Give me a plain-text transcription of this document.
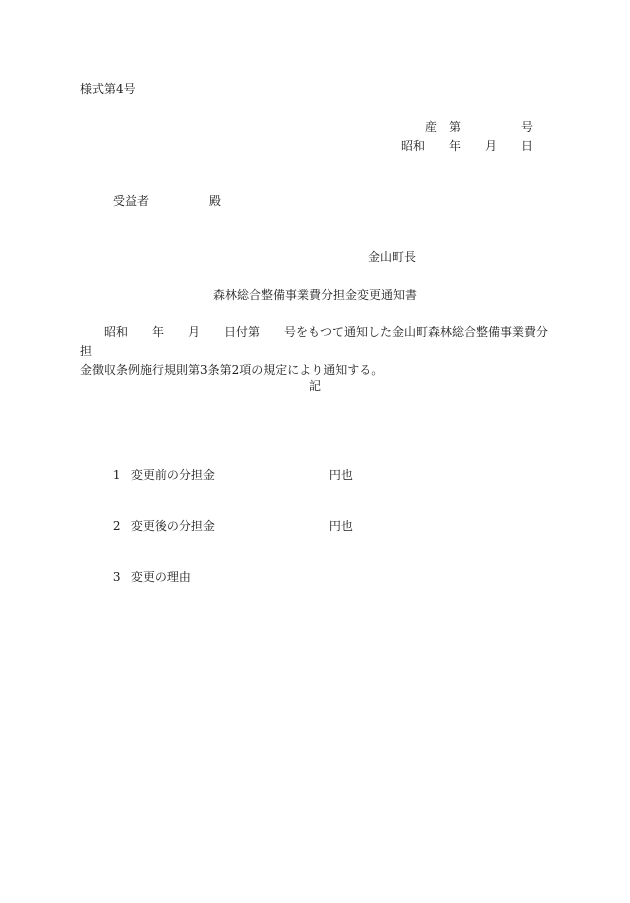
様式第4号
産　第　　　　　号
昭和　　年　　月　　日
受益者　　　　　殿
金山町長
森林総合整備事業費分担金変更通知書

昭和　　年　　月　　日付第　　号をもつて通知した金山町森林総合整備事業費分担

金徴収条例施行規則第3条第2項の規定により通知する。

記

1 変更前の分担金	円也

2 変更後の分担金	円也

3 変更の理由
